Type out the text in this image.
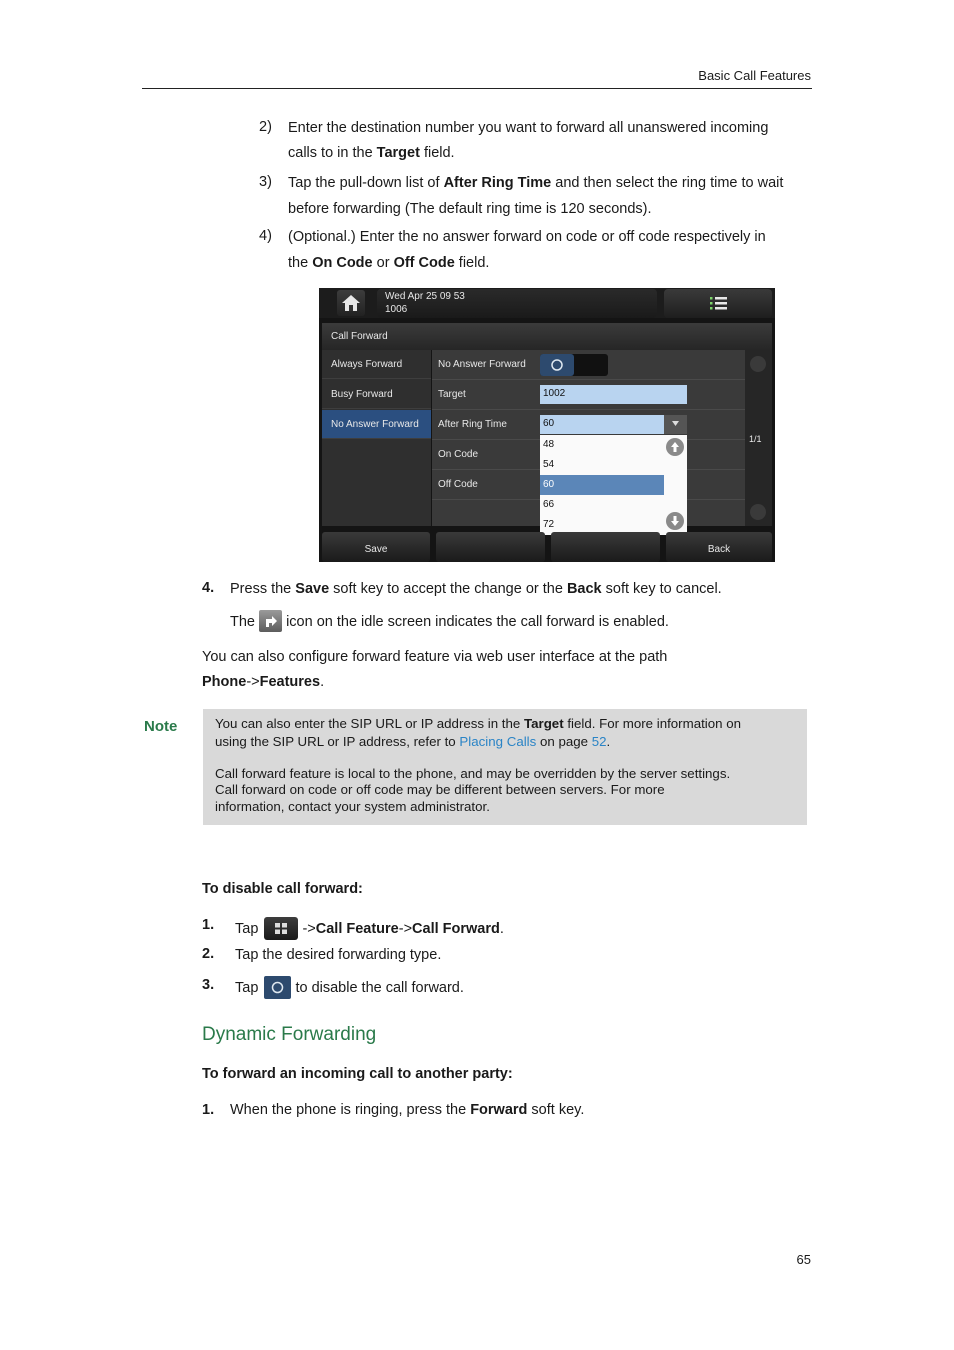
Basic Call Features
2) Enter the destination number you want to forward all unanswered incoming
calls to in the Target field.
3) Tap the pull-down list of After Ring Time and then select the ring time to wait
before forwarding (The default ring time is 120 seconds).
4) (Optional.) Enter the no answer forward on code or off code respectively in
the On Code or Off Code field.
Wed Apr 25 09 53
1006
Call Forward
Always Forward
Busy Forward
No Answer Forward
No Answer Forward
Target	1002
After Ring Time	60
On Code
Off Code
48
54
60
66
72
1/1
Save	Back
4. Press the Save soft key to accept the change or the Back soft key to cancel.
The icon on the idle screen indicates the call forward is enabled.
You can also configure forward feature via web user interface at the path
Phone->Features.
Note	You can also enter the SIP URL or IP address in the Target field. For more information on
using the SIP URL or IP address, refer to Placing Calls on page 52.
Call forward feature is local to the phone, and may be overridden by the server settings.
Call forward on code or off code may be different between servers. For more
information, contact your system administrator.
To disable call forward:
1. Tap	->Call Feature->Call Forward.
2. Tap the desired forwarding type.
3. Tap  to disable the call forward.
Dynamic Forwarding
To forward an incoming call to another party:
1. When the phone is ringing, press the Forward soft key.
65
